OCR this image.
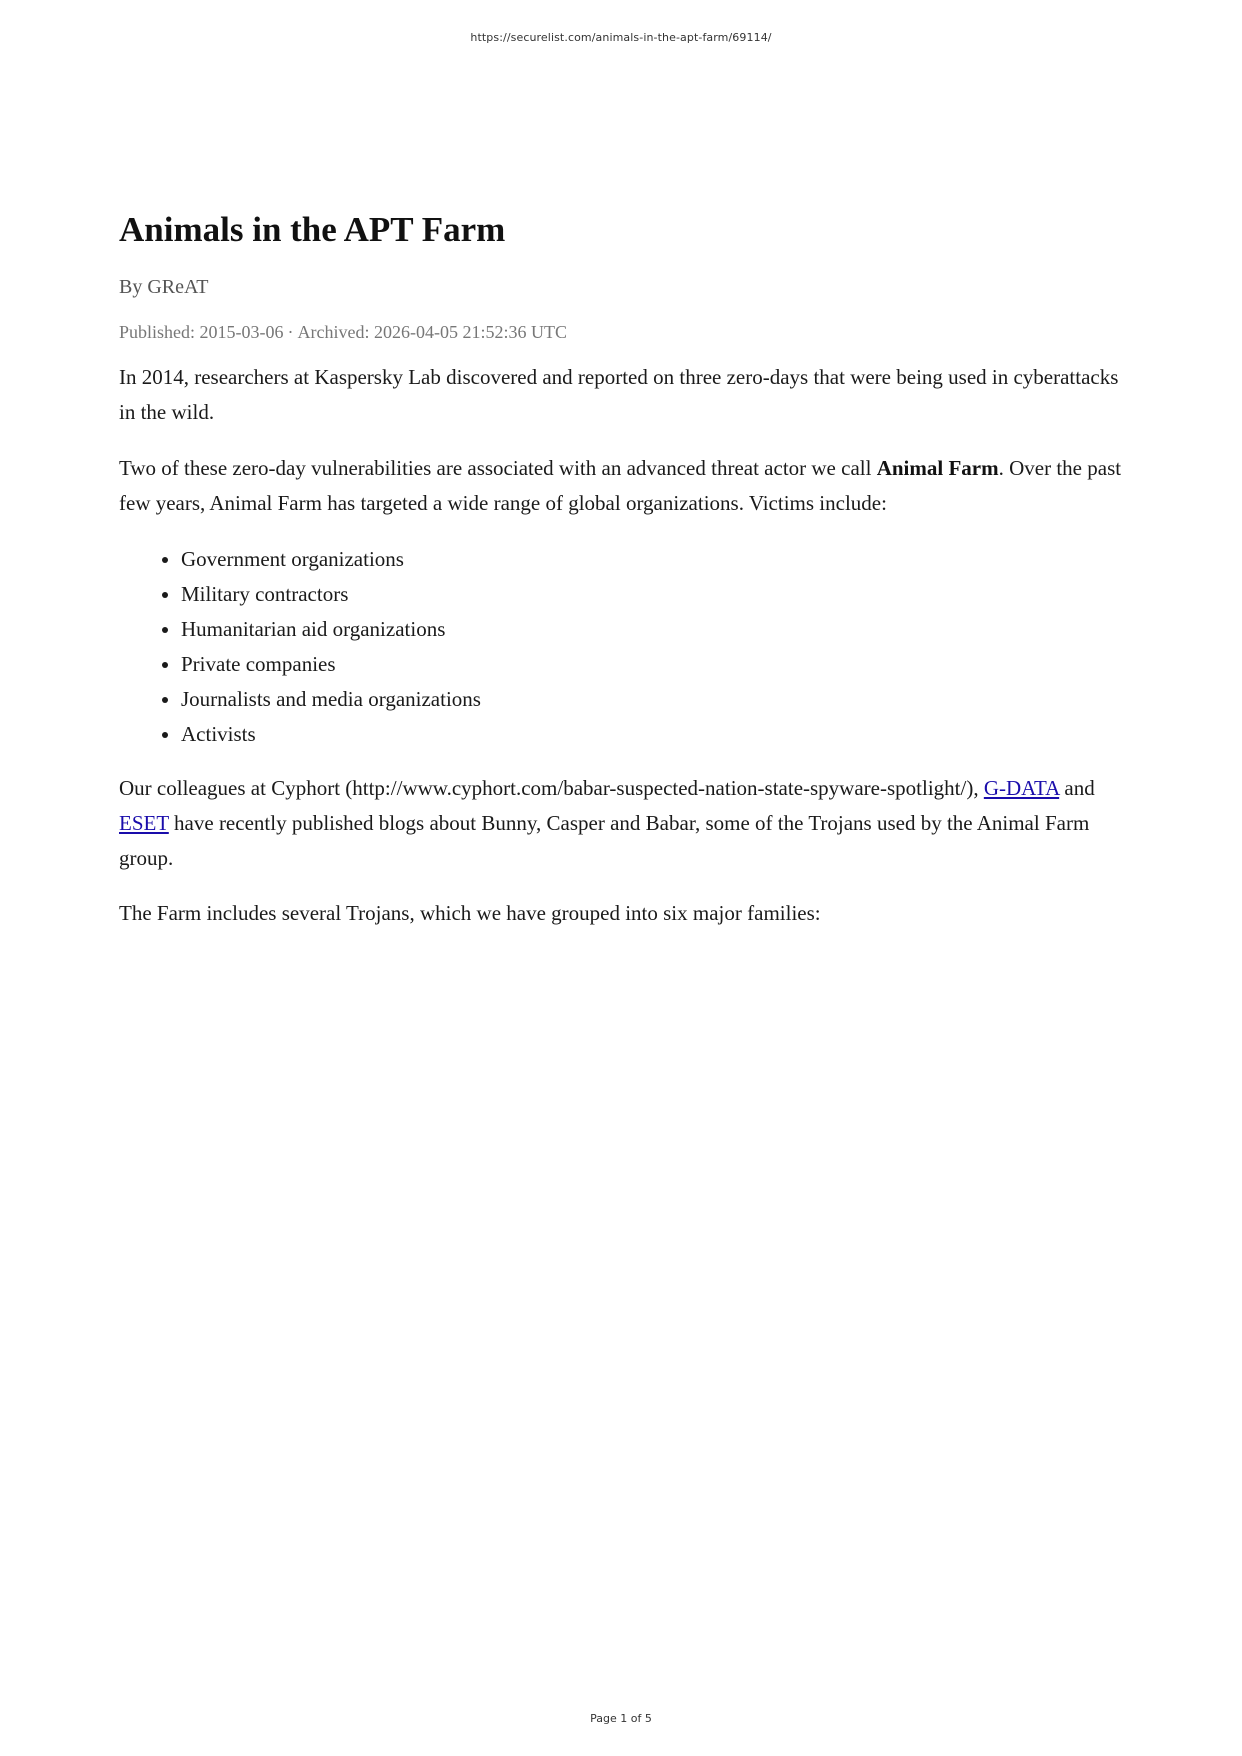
https://securelist.com/animals-in-the-apt-farm/69114/
Animals in the APT Farm

By GReAT

Published: 2015-03-06 · Archived: 2026-04-05 21:52:36 UTC

In 2014, researchers at Kaspersky Lab discovered and reported on three zero-days that were being used in cyberattacks in the wild.

Two of these zero-day vulnerabilities are associated with an advanced threat actor we call Animal Farm. Over the past few years, Animal Farm has targeted a wide range of global organizations. Victims include:

• Government organizations
• Military contractors
• Humanitarian aid organizations
• Private companies
• Journalists and media organizations
• Activists

Our colleagues at Cyphort (http://www.cyphort.com/babar-suspected-nation-state-spyware-spotlight/), G-DATA and ESET have recently published blogs about Bunny, Casper and Babar, some of the Trojans used by the Animal Farm group.

The Farm includes several Trojans, which we have grouped into six major families:

Page 1 of 5
